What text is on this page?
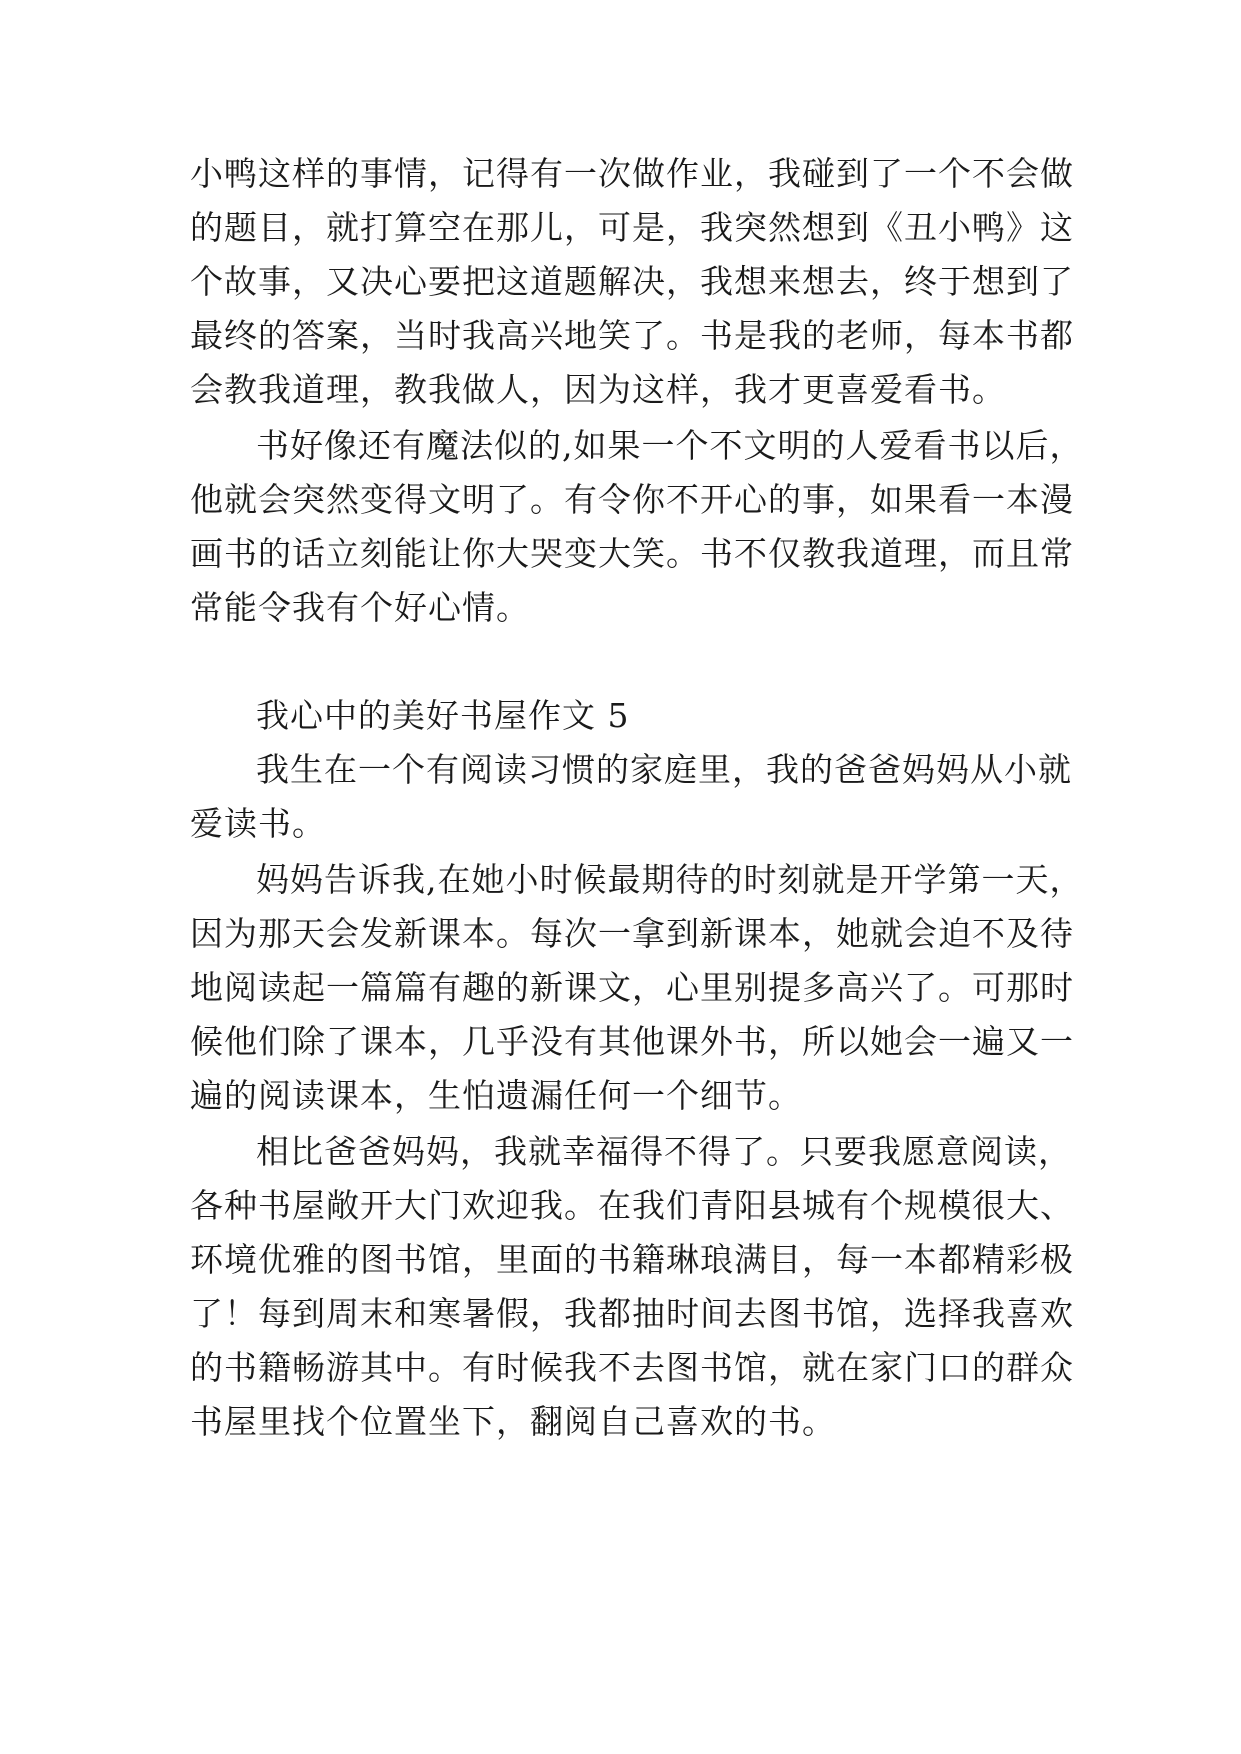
小鸭这样的事情，记得有一次做作业，我碰到了一个不会做
的题目，就打算空在那儿，可是，我突然想到《丑小鸭》这
个故事，又决心要把这道题解决，我想来想去，终于想到了
最终的答案，当时我高兴地笑了。书是我的老师，每本书都
会教我道理，教我做人，因为这样，我才更喜爱看书。
书好像还有魔法似的,如果一个不文明的人爱看书以后，
他就会突然变得文明了。有令你不开心的事，如果看一本漫
画书的话立刻能让你大哭变大笑。书不仅教我道理，而且常
常能令我有个好心情。
我心中的美好书屋作文 5
我生在一个有阅读习惯的家庭里，我的爸爸妈妈从小就
爱读书。
妈妈告诉我,在她小时候最期待的时刻就是开学第一天，
因为那天会发新课本。每次一拿到新课本，她就会迫不及待
地阅读起一篇篇有趣的新课文，心里别提多高兴了。可那时
候他们除了课本，几乎没有其他课外书，所以她会一遍又一
遍的阅读课本，生怕遗漏任何一个细节。
相比爸爸妈妈，我就幸福得不得了。只要我愿意阅读，
各种书屋敞开大门欢迎我。在我们青阳县城有个规模很大、
环境优雅的图书馆，里面的书籍琳琅满目，每一本都精彩极
了！每到周末和寒暑假，我都抽时间去图书馆，选择我喜欢
的书籍畅游其中。有时候我不去图书馆，就在家门口的群众
书屋里找个位置坐下，翻阅自己喜欢的书。
